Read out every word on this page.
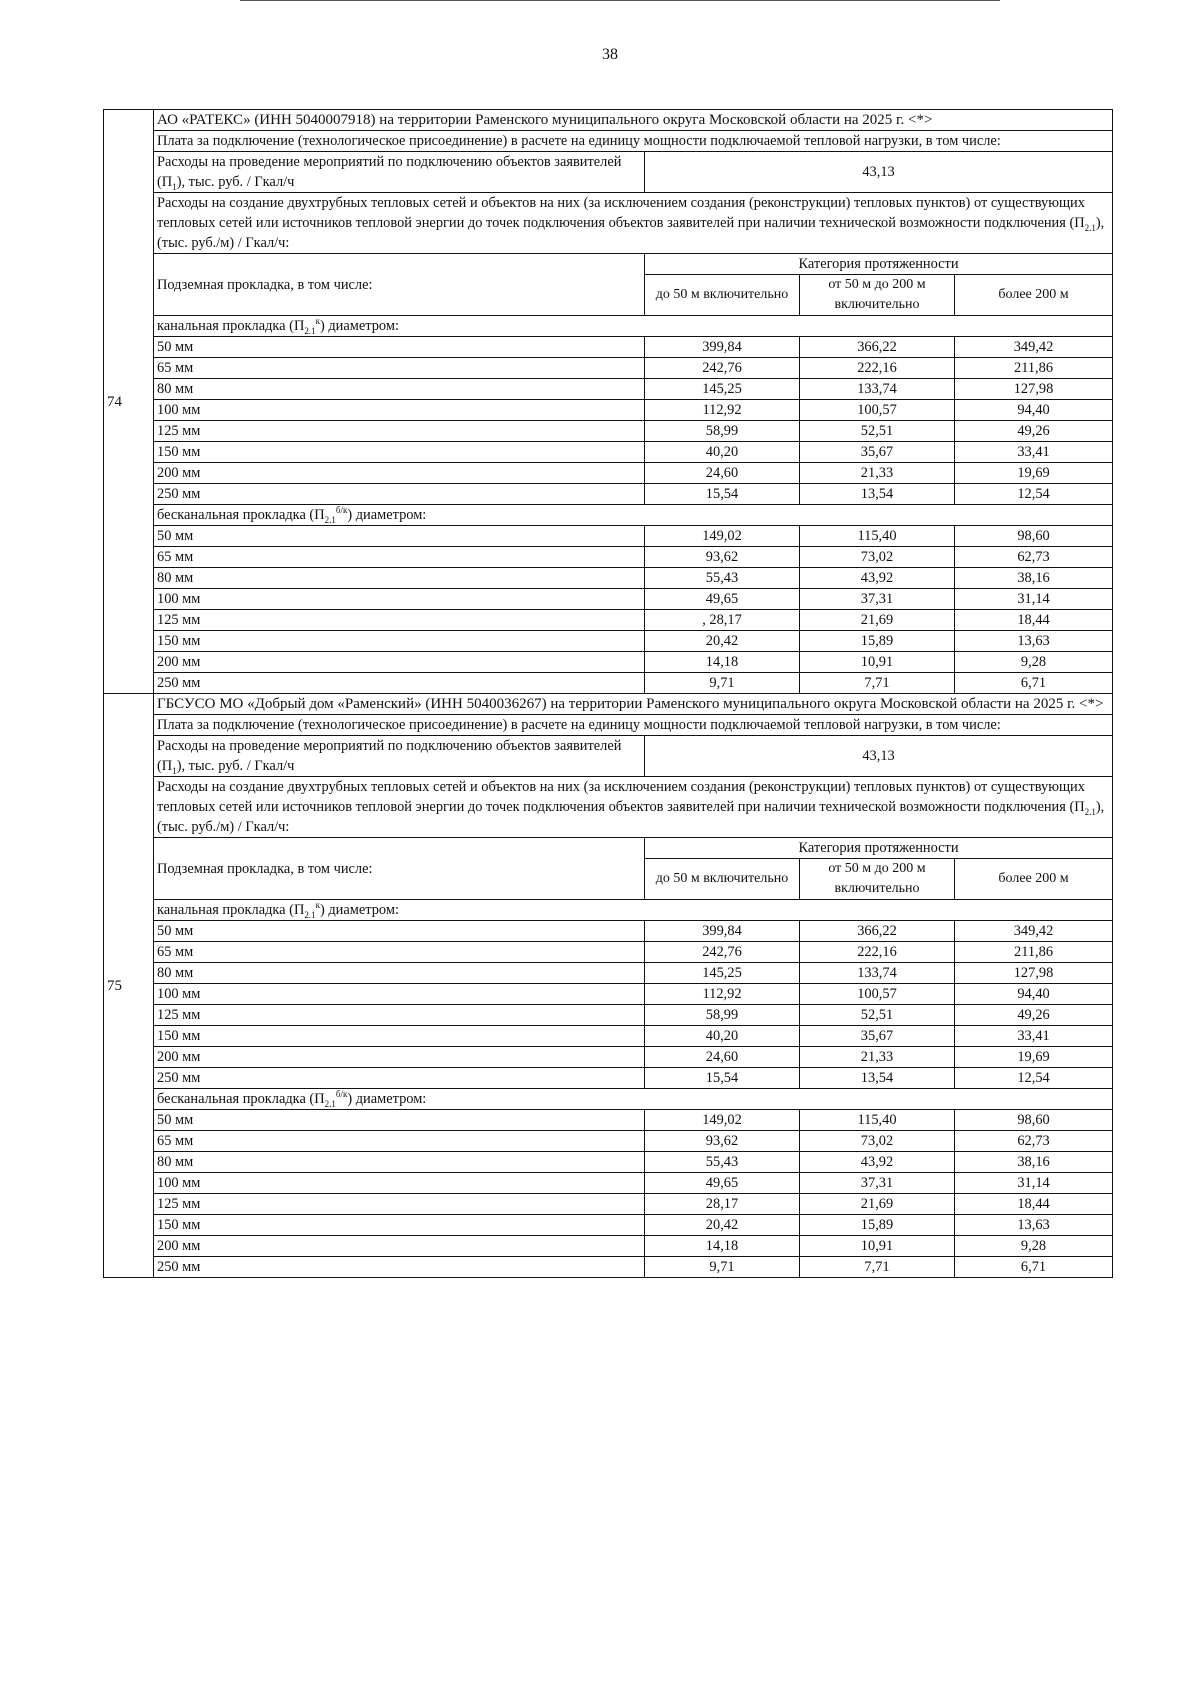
38
74	АО «РАТЕКС» (ИНН 5040007918) на территории Раменского муниципального округа Московской области на 2025 г. <*>			
	Плата за подключение (технологическое присоединение) в расчете на единицу мощности подключаемой тепловой нагрузки, в том числе:			
	Расходы на проведение мероприятий по подключению объектов заявителей $(П_1)$, тыс. руб. / Гкал/ч	43,13		
	Расходы на создание двухтрубных тепловых сетей и объектов на них (за исключением создания (реконструкции) тепловых пунктов) от существующих тепловых сетей или источников тепловой энергии до точек подключения объектов заявителей при наличии технической возможности подключения $(П_{2.1})$, (тыс. руб./м) / Гкал/ч:			
	Подземная прокладка, в том числе:	Категория протяженности		
		до 50 м включительно	от 50 м до 200 м включительно	более 200 м
	канальная прокладка $(П_{2.1}^к)$ диаметром:			
	50 мм	399,84	366,22	349,42
	65 мм	242,76	222,16	211,86
	80 мм	145,25	133,74	127,98
	100 мм	112,92	100,57	94,40
	125 мм	58,99	52,51	49,26
	150 мм	40,20	35,67	33,41
	200 мм	24,60	21,33	19,69
	250 мм	15,54	13,54	12,54
	бесканальная прокладка $(П_{2.1}^{б/к})$ диаметром:			
	50 мм	149,02	115,40	98,60
	65 мм	93,62	73,02	62,73
	80 мм	55,43	43,92	38,16
	100 мм	49,65	37,31	31,14
	125 мм	, 28,17	21,69	18,44
	150 мм	20,42	15,89	13,63
	200 мм	14,18	10,91	9,28
	250 мм	9,71	7,71	6,71
75	ГБСУСО МО «Добрый дом «Раменский» (ИНН 5040036267) на территории Раменского муниципального округа Московской области на 2025 г. <*>			
	Плата за подключение (технологическое присоединение) в расчете на единицу мощности подключаемой тепловой нагрузки, в том числе:			
	Расходы на проведение мероприятий по подключению объектов заявителей $(П_1)$, тыс. руб. / Гкал/ч	43,13		
	Расходы на создание двухтрубных тепловых сетей и объектов на них (за исключением создания (реконструкции) тепловых пунктов) от существующих тепловых сетей или источников тепловой энергии до точек подключения объектов заявителей при наличии технической возможности подключения $(П_{2.1})$, (тыс. руб./м) / Гкал/ч:			
	Подземная прокладка, в том числе:	Категория протяженности		
		до 50 м включительно	от 50 м до 200 м включительно	более 200 м
	канальная прокладка $(П_{2.1}^к)$ диаметром:			
	50 мм	399,84	366,22	349,42
	65 мм	242,76	222,16	211,86
	80 мм	145,25	133,74	127,98
	100 мм	112,92	100,57	94,40
	125 мм	58,99	52,51	49,26
	150 мм	40,20	35,67	33,41
	200 мм	24,60	21,33	19,69
	250 мм	15,54	13,54	12,54
	бесканальная прокладка $(П_{2.1}^{б/к})$ диаметром:			
	50 мм	149,02	115,40	98,60
	65 мм	93,62	73,02	62,73
	80 мм	55,43	43,92	38,16
	100 мм	49,65	37,31	31,14
	125 мм	28,17	21,69	18,44
	150 мм	20,42	15,89	13,63
	200 мм	14,18	10,91	9,28
	250 мм	9,71	7,71	6,71
